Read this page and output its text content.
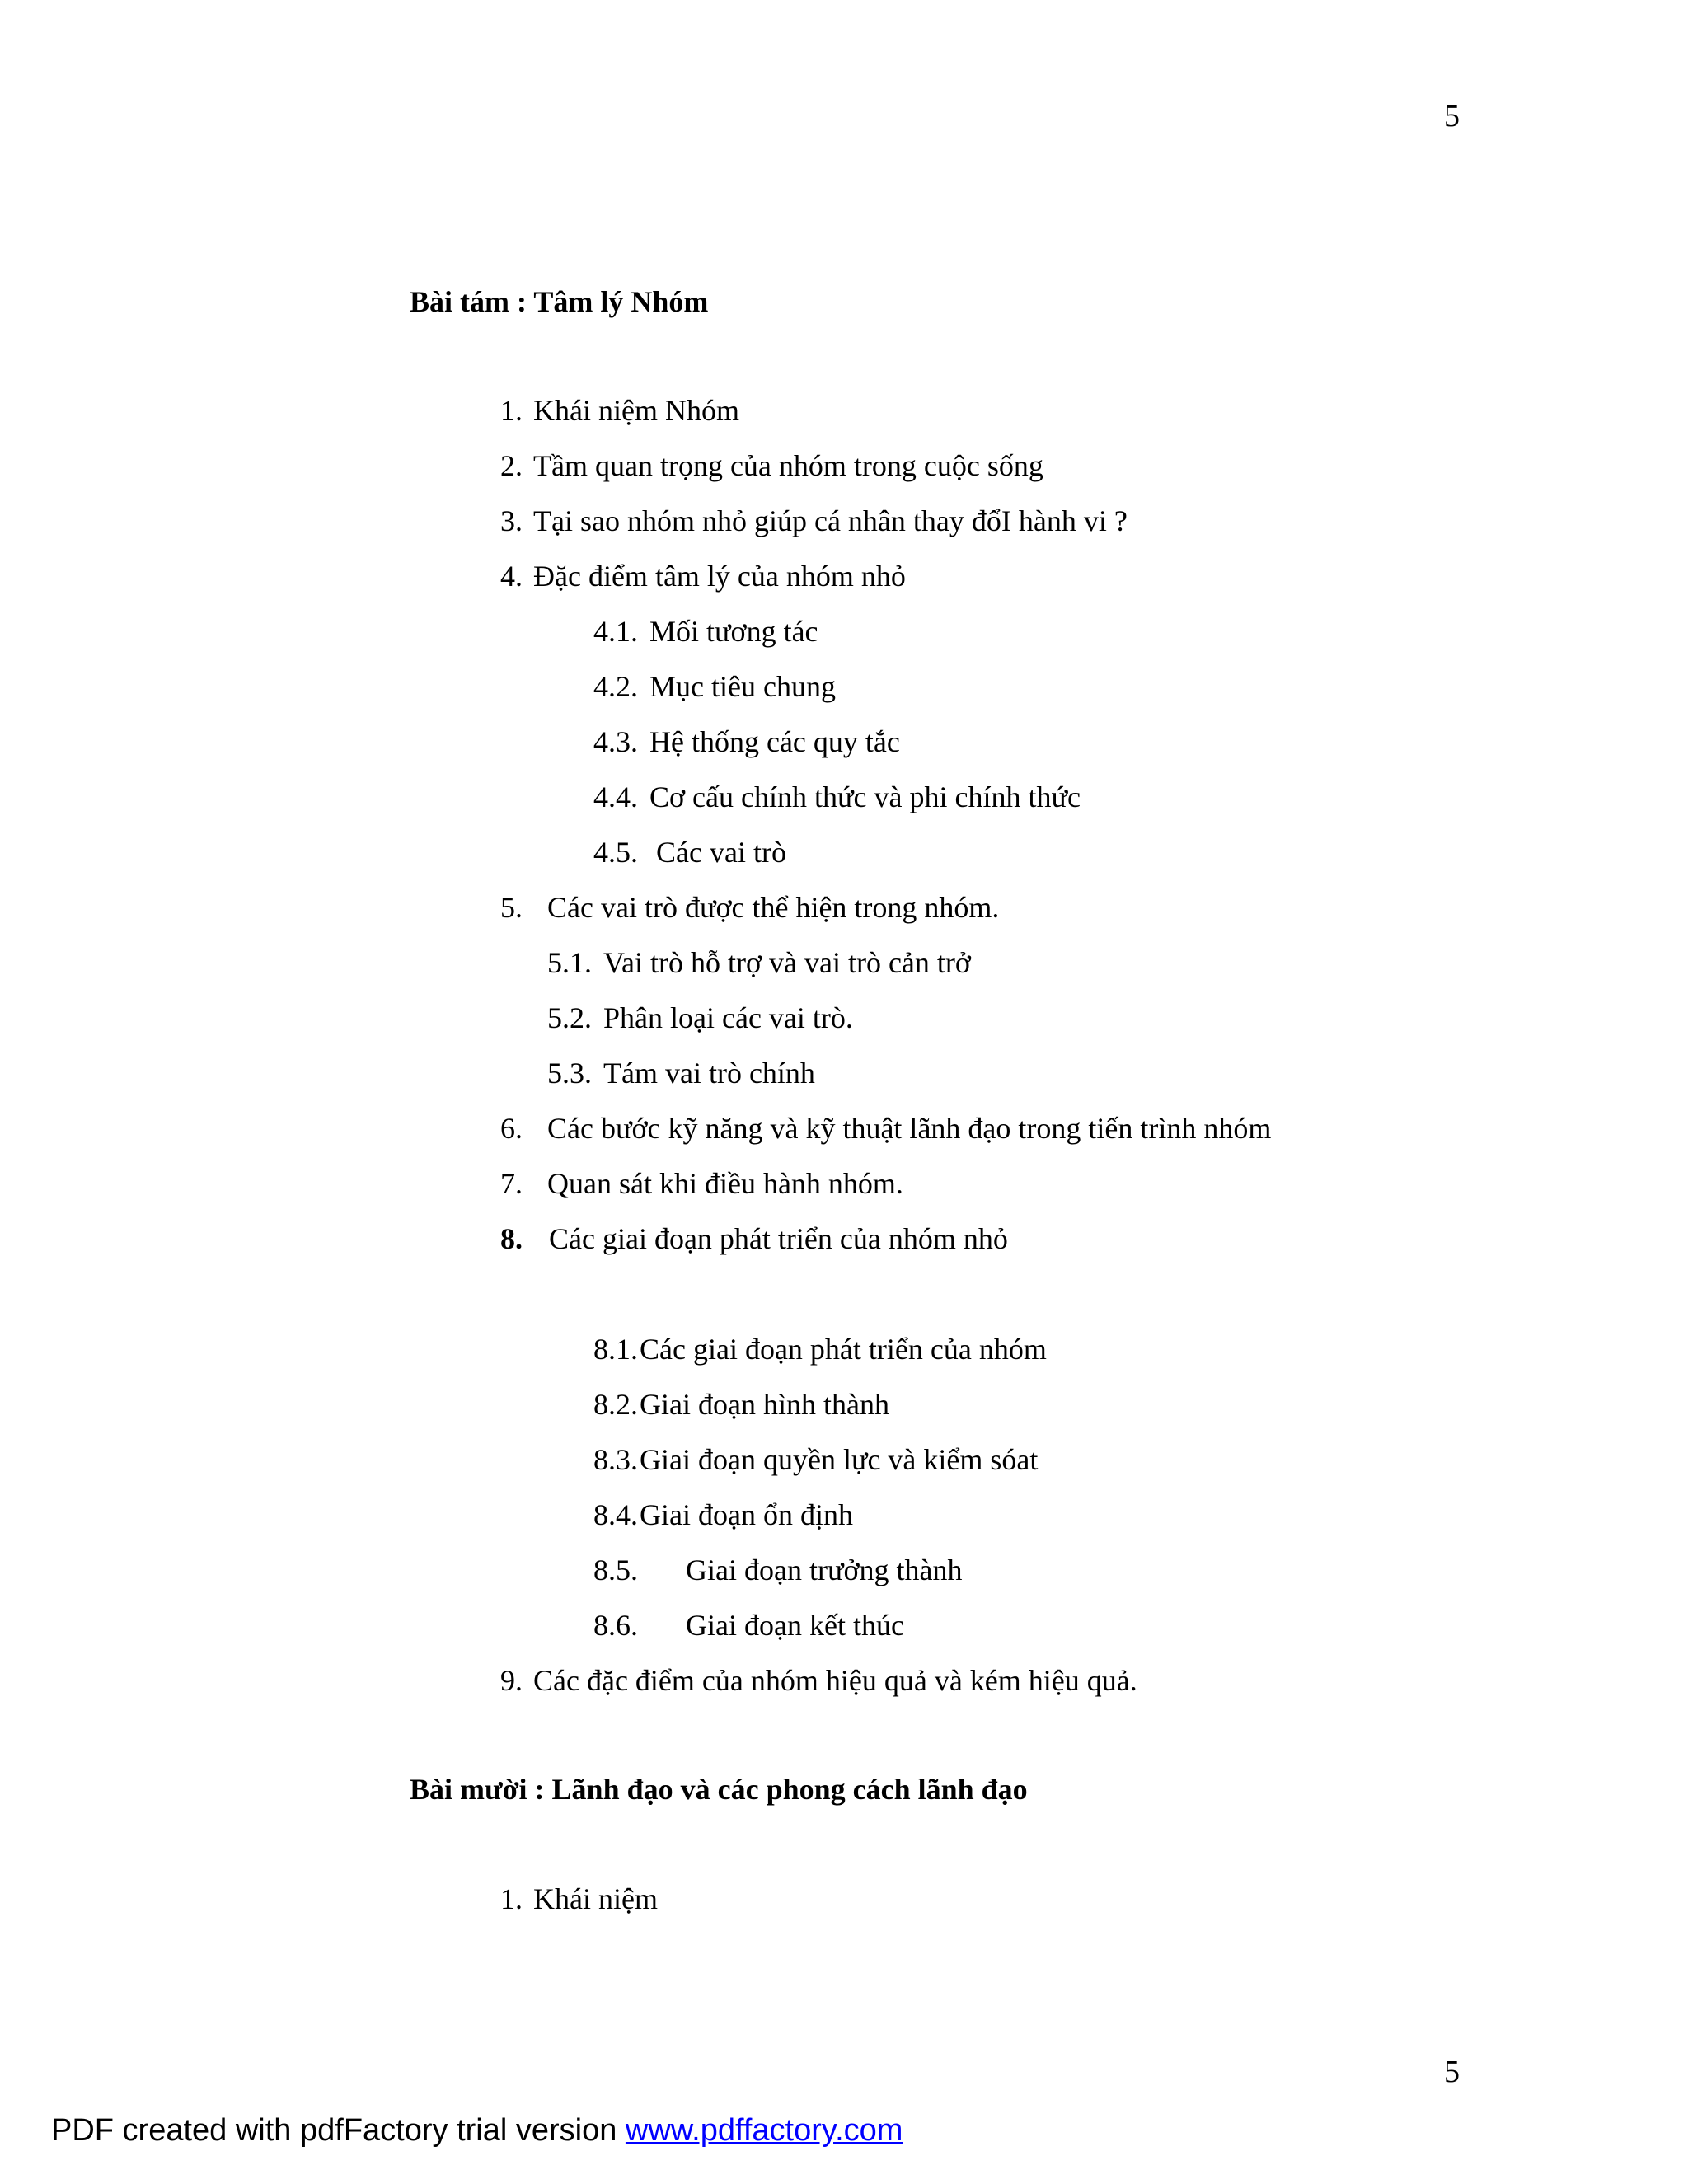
5
Bài tám : Tâm lý Nhóm
1. Khái niệm Nhóm
2. Tầm quan trọng của nhóm trong cuộc sống
3. Tại sao nhóm nhỏ giúp cá nhân thay đổI hành vi ?
4. Đặc điểm tâm lý của nhóm nhỏ
4.1. Mối tương tác
4.2. Mục tiêu chung
4.3. Hệ thống các quy tắc
4.4. Cơ cấu chính thức và phi chính thức
4.5. Các vai trò
5. Các vai trò được thể hiện trong nhóm.
5.1. Vai trò hỗ trợ và vai trò cản trở
5.2. Phân loại các vai trò.
5.3. Tám vai trò chính
6. Các bước kỹ năng và kỹ thuật lãnh đạo trong tiến trình nhóm
7. Quan sát khi điều hành nhóm.
8. Các giai đoạn phát triển của nhóm nhỏ
8.1.Các giai đoạn phát triển của nhóm
8.2.Giai đoạn hình thành
8.3.Giai đoạn quyền lực và kiểm sóat
8.4.Giai đoạn ổn định
8.5. Giai đoạn trưởng thành
8.6. Giai đoạn kết thúc
9. Các đặc điểm của nhóm hiệu quả và kém hiệu quả.
Bài mười : Lãnh đạo và các phong cách lãnh đạo
1. Khái niệm
5
PDF created with pdfFactory trial version www.pdffactory.com
